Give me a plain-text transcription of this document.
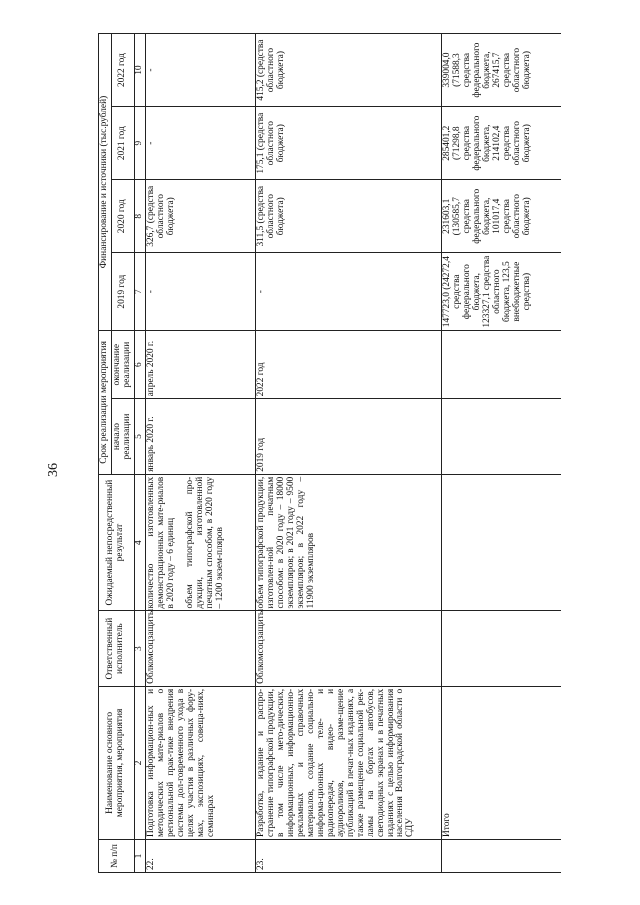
36
№ п/п	Наименование основного мероприятия, мероприятия	Ответственный исполнитель	Ожидаемый непосредственный результат	Срок реализации мероприятия		Финансирование и источники (тыс.рублей)			
				начало реализации	окончание реализации	2019 год	2020 год	2021 год	2022 год

1	2	3	4	5	6	7	8	9	10
22.	Подготовка информацион-ных и методических мате-риалов о региональной прак-тике внедрения системы дол-говременного ухода в целях участия в различных фору-мах, экспозициях, совеща-ниях, семинарах	Облкомсоцзащиты	количество изготовленных демонстрационных мате-риалов в 2020 году – 6 единиц объем типографской про-дукции, изготовленной печатным способом, в 2020 году – 1200 экзем-пляров	январь 2020 г.	апрель 2020 г.	-	326,7 (средства областного бюджета)	-	-
23.	Разработка, издание и распро-странение типографской продукции, в том числе мето-дических, информационных, информационно-рекламных и справочных материалов, создание социально-информа-ционных теле- и радиопередач, видео- и аудиороликов, разме-щение публикаций в печат-ных изданиях, а также размещение социальной рек-ламы на бортах автобусов, светодиодных экранах и в печатных изданиях с целью информирования населения Волгоградской области о СДУ	Облкомсоцзащиты	объем типографской продукции, изготовлен-ной печатным способом: в 2020 году – 18000 экземпляров; в 2021 году – 9500 экземпляров; в 2022 году – 11900 экземпляров	2019 год	2022 год	-	311,5 (средства областного бюджета)	175,1 (средства областного бюджета)	415,2 (средства областного бюджета)
	Итого					147723,0 (24272,4 средства федерального бюджета, 123327,1 средства областного бюджета, 123,5 внебюджетные средства)	231603,1 (130585,7 средства федерального бюджета, 101017,4 средства областного бюджета)	285401,2 (71298,8 средства федерального бюджета, 214102,4 средства областного бюджета)	339004,0 (71588,3 средства федерального бюджета, 267415,7 средства областного бюджета)
